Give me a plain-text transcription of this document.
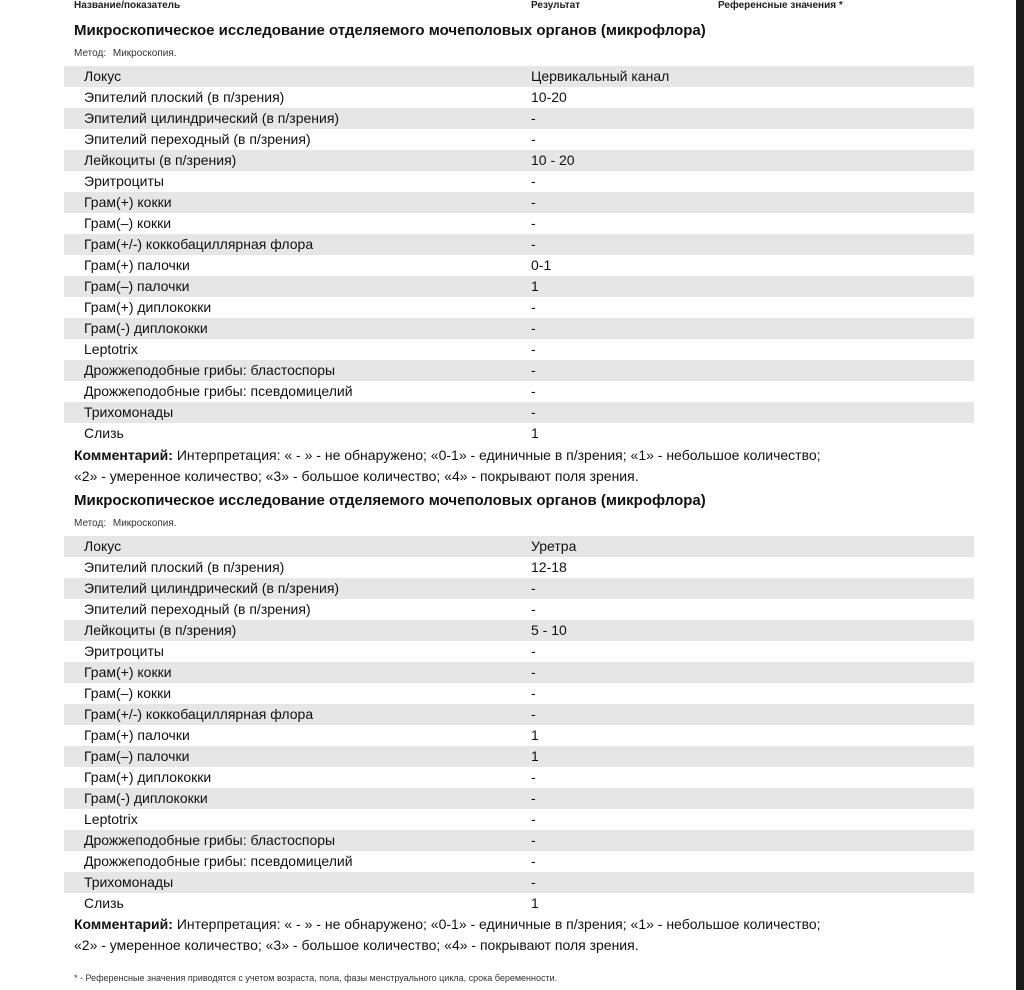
Название/показатель	Результат	Референсные значения *
Микроскопическое исследование отделяемого мочеполовых органов (микрофлора)
Метод: Микроскопия.
Локус	Цервикальный канал
Эпителий плоский (в п/зрения)	10-20
Эпителий цилиндрический (в п/зрения)	-
Эпителий переходный (в п/зрения)	-
Лейкоциты (в п/зрения)	10 - 20
Эритроциты	-
Грам(+) кокки	-
Грам(–) кокки	-
Грам(+/-) коккобациллярная флора	-
Грам(+) палочки	0-1
Грам(–) палочки	1
Грам(+) диплококки	-
Грам(-) диплококки	-
Leptotrix	-
Дрожжеподобные грибы: бластоспоры	-
Дрожжеподобные грибы: псевдомицелий	-
Трихомонады	-
Слизь	1
Комментарий: Интерпретация: « - » - не обнаружено; «0-1» - единичные в п/зрения; «1» - небольшое количество;
«2» - умеренное количество; «3» - большое количество; «4» - покрывают поля зрения.
Микроскопическое исследование отделяемого мочеполовых органов (микрофлора)
Метод: Микроскопия.
Локус	Уретра
Эпителий плоский (в п/зрения)	12-18
Эпителий цилиндрический (в п/зрения)	-
Эпителий переходный (в п/зрения)	-
Лейкоциты (в п/зрения)	5 - 10
Эритроциты	-
Грам(+) кокки	-
Грам(–) кокки	-
Грам(+/-) коккобациллярная флора	-
Грам(+) палочки	1
Грам(–) палочки	1
Грам(+) диплококки	-
Грам(-) диплококки	-
Leptotrix	-
Дрожжеподобные грибы: бластоспоры	-
Дрожжеподобные грибы: псевдомицелий	-
Трихомонады	-
Слизь	1
Комментарий: Интерпретация: « - » - не обнаружено; «0-1» - единичные в п/зрения; «1» - небольшое количество;
«2» - умеренное количество; «3» - большое количество; «4» - покрывают поля зрения.
* - Референсные значения приводятся с учетом возраста, пола, фазы менструального цикла, срока беременности.
